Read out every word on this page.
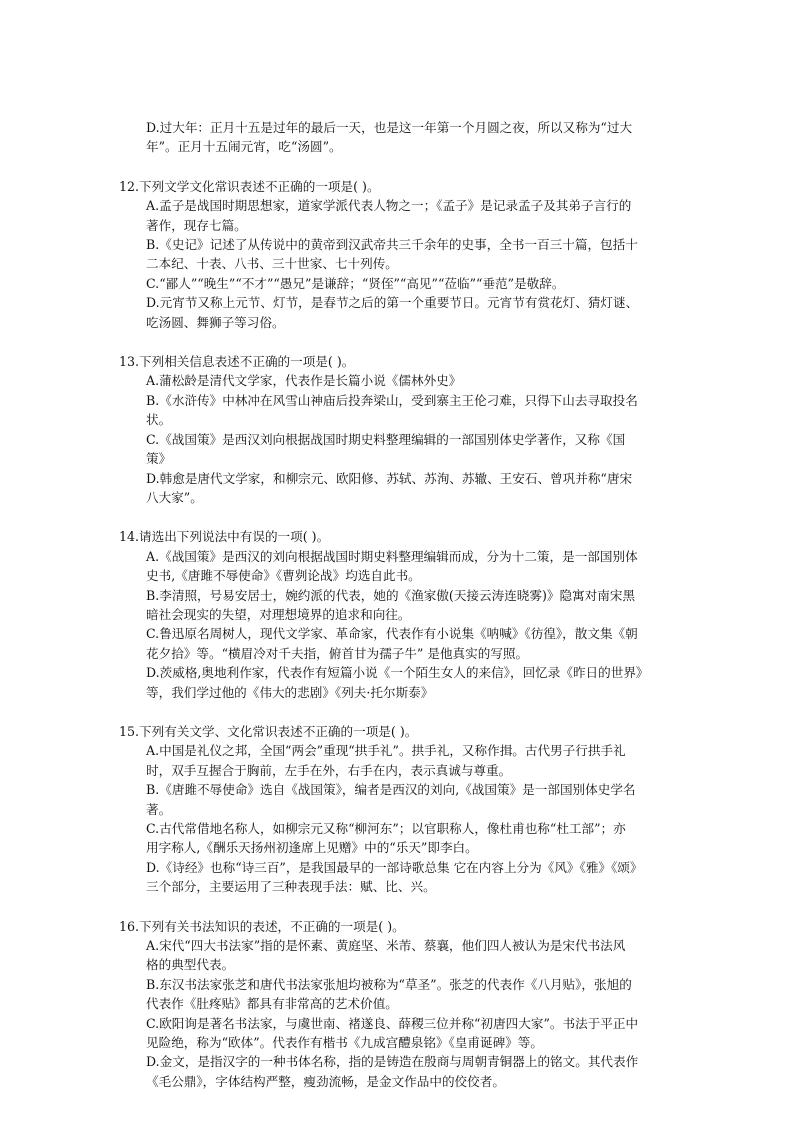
D.过大年：正月十五是过年的最后一天，也是这一年第一个月圆之夜，所以又称为“过大
年”。正月十五闹元宵，吃“汤圆”。
12.下列文学文化常识表述不正确的一项是( )。
A.孟子是战国时期思想家，道家学派代表人物之一；《孟子》是记录孟子及其弟子言行的
著作，现存七篇。
B.《史记》记述了从传说中的黄帝到汉武帝共三千余年的史事，全书一百三十篇，包括十
二本纪、十表、八书、三十世家、七十列传。
C.“鄙人”“晚生”“不才”“愚兄”是谦辞；“贤侄”“高见”“莅临”“垂范”是敬辞。
D.元宵节又称上元节、灯节，是春节之后的第一个重要节日。元宵节有赏花灯、猜灯谜、
吃汤圆、舞狮子等习俗。
13.下列相关信息表述不正确的一项是( )。
A.蒲松龄是清代文学家，代表作是长篇小说《儒林外史》
B.《水浒传》中林冲在风雪山神庙后投奔梁山，受到寨主王伦刁难，只得下山去寻取投名
状。
C.《战国策》是西汉刘向根据战国时期史料整理编辑的一部国别体史学著作，又称《国
策》
D.韩愈是唐代文学家，和柳宗元、欧阳修、苏轼、苏洵、苏辙、王安石、曾巩并称“唐宋
八大家”。
14.请选出下列说法中有误的一项( )。
A.《战国策》是西汉的刘向根据战国时期史料整理编辑而成，分为十二策，是一部国别体
史书,《唐雎不辱使命》《曹刿论战》均选自此书。
B.李清照，号易安居士，婉约派的代表，她的《渔家傲(天接云涛连晓雾)》隐寓对南宋黑
暗社会现实的失望，对理想境界的追求和向往。
C.鲁迅原名周树人，现代文学家、革命家，代表作有小说集《呐喊》《彷徨》，散文集《朝
花夕拾》等。“横眉冷对千夫指，俯首甘为孺子牛” 是他真实的写照。
D.茨威格,奥地利作家，代表作有短篇小说《一个陌生女人的来信》，回忆录《昨日的世界》
等，我们学过他的《伟大的悲剧》《列夫·托尔斯泰》
15.下列有关文学、文化常识表述不正确的一项是( )。
A.中国是礼仪之邦，全国“两会”重现“拱手礼”。拱手礼，又称作揖。古代男子行拱手礼
时，双手互握合于胸前，左手在外，右手在内，表示真诚与尊重。
B.《唐雎不辱使命》选自《战国策》，编者是西汉的刘向,《战国策》是一部国别体史学名
著。
C.古代常借地名称人，如柳宗元又称“柳河东”；以官职称人，像杜甫也称“杜工部”；亦
用字称人,《酬乐天扬州初逢席上见赠》中的“乐天”即李白。
D.《诗经》也称“诗三百”，是我国最早的一部诗歌总集 它在内容上分为《风》《雅》《颂》
三个部分，主要运用了三种表现手法：赋、比、兴。
16.下列有关书法知识的表述，不正确的一项是( )。
A.宋代“四大书法家”指的是怀素、黄庭坚、米芾、蔡襄，他们四人被认为是宋代书法风
格的典型代表。
B.东汉书法家张芝和唐代书法家张旭均被称为“草圣”。张芝的代表作《八月贴》，张旭的
代表作《肚疼贴》都具有非常高的艺术价值。
C.欧阳询是著名书法家，与虞世南、褚遂良、薛稷三位并称“初唐四大家”。书法于平正中
见险绝，称为“欧体”。代表作有楷书《九成宫醴泉铭》《皇甫诞碑》等。
D.金文，是指汉字的一种书体名称，指的是铸造在殷商与周朝青铜器上的铭文。其代表作
《毛公鼎》，字体结构严整，瘦劲流畅，是金文作品中的佼佼者。
